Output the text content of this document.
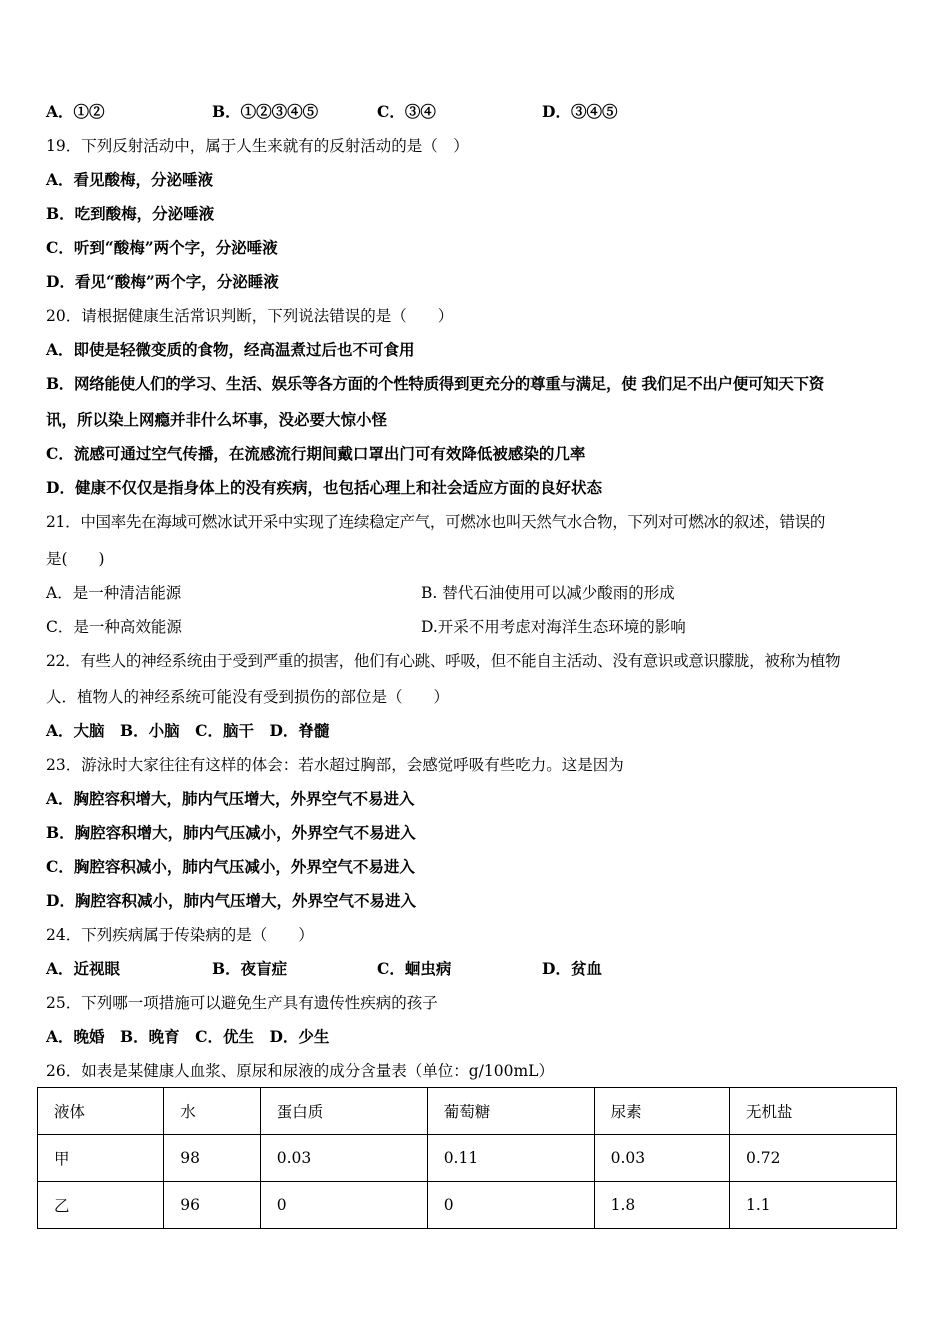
A．①②	B．①②③④⑤	C．③④	D．③④⑤
19．下列反射活动中，属于人生来就有的反射活动的是（　）
A．看见酸梅，分泌唾液
B．吃到酸梅，分泌唾液
C．听到“酸梅”两个字，分泌唾液
D．看见“酸梅”两个字，分泌睡液
20．请根据健康生活常识判断，下列说法错误的是（　　）
A．即使是轻微变质的食物，经高温煮过后也不可食用
B．网络能使人们的学习、生活、娱乐等各方面的个性特质得到更充分的尊重与满足，使 我们足不出户便可知天下资
讯，所以染上网瘾并非什么坏事，没必要大惊小怪
C．流感可通过空气传播，在流感流行期间戴口罩出门可有效降低被感染的几率
D．健康不仅仅是指身体上的没有疾病，也包括心理上和社会适应方面的良好状态
21．中国率先在海域可燃冰试开采中实现了连续稳定产气，可燃冰也叫天然气水合物，下列对可燃冰的叙述，错误的
是(　　)
A．是一种清洁能源	B. 替代石油使用可以减少酸雨的形成
C．是一种高效能源	D.开采不用考虑对海洋生态环境的影响
22．有些人的神经系统由于受到严重的损害，他们有心跳、呼吸，但不能自主活动、没有意识或意识朦胧，被称为植物
人．植物人的神经系统可能没有受到损伤的部位是（　　）
A．大脑　B．小脑　C．脑干　D．脊髓
23．游泳时大家往往有这样的体会：若水超过胸部，会感觉呼吸有些吃力。这是因为
A．胸腔容积增大，肺内气压增大，外界空气不易进入
B．胸腔容积增大，肺内气压减小，外界空气不易进入
C．胸腔容积减小，肺内气压减小，外界空气不易进入
D．胸腔容积减小，肺内气压增大，外界空气不易进入
24．下列疾病属于传染病的是（　　）
A．近视眼	B．夜盲症	C．蛔虫病	D．贫血
25．下列哪一项措施可以避免生产具有遗传性疾病的孩子
A．晚婚　B．晚育　C．优生　D．少生
26．如表是某健康人血浆、原尿和尿液的成分含量表（单位：g/100mL）
液体	水	蛋白质	葡萄糖	尿素	无机盐
甲	98	0.03	0.11	0.03	0.72
乙	96	0	0	1.8	1.1
